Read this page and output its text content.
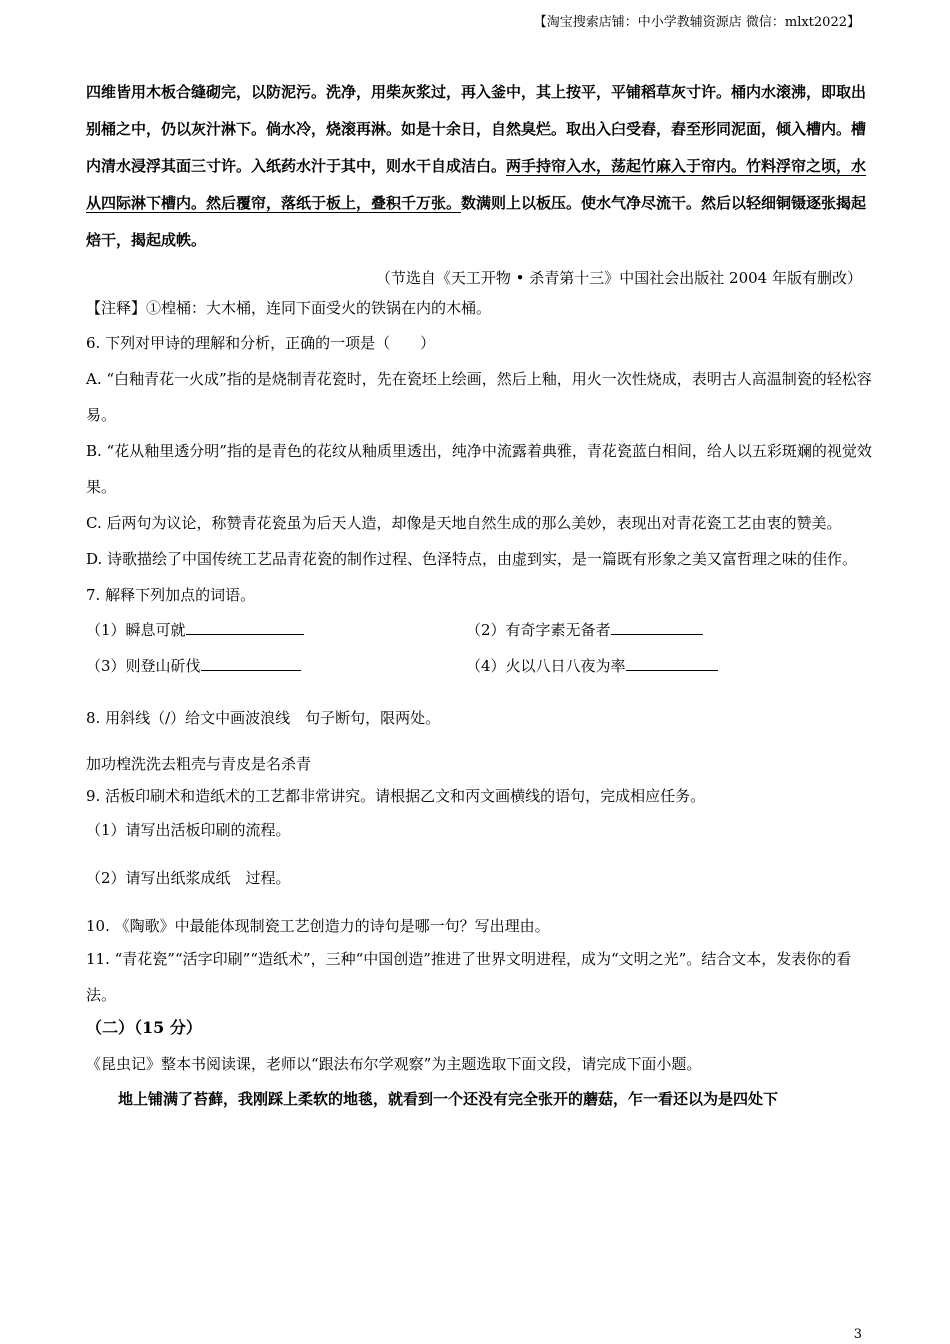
【淘宝搜索店铺：中小学教辅资源店 微信：mlxt2022】

四维皆用木板合缝砌完，以防泥污。洗净，用柴灰浆过，再入釜中，其上按平，平铺稻草灰寸许。桶内水滚沸，即取出别桶之中，仍以灰汁淋下。倘水冷，烧滚再淋。如是十余日，自然臭烂。取出入臼受舂，舂至形同泥面，倾入槽内。槽内清水浸浮其面三寸许。入纸药水汁于其中，则水干自成洁白。两手持帘入水，荡起竹麻入于帘内。竹料浮帘之顷，水从四际淋下槽内。然后覆帘，落纸于板上，叠积千万张。数满则上以板压。使水气净尽流干。然后以轻细铜镊逐张揭起焙干，揭起成帙。

（节选自《天工开物 • 杀青第十三》中国社会出版社 2004 年版有删改）

【注释】①楻桶：大木桶，连同下面受火的铁锅在内的木桶。

6. 下列对甲诗的理解和分析，正确的一项是（　　）

A. “白釉青花一火成”指的是烧制青花瓷时，先在瓷坯上绘画，然后上釉，用火一次性烧成，表明古人高温制瓷的轻松容易。

B. “花从釉里透分明”指的是青色的花纹从釉质里透出，纯净中流露着典雅，青花瓷蓝白相间，给人以五彩斑斓的视觉效果。

C. 后两句为议论，称赞青花瓷虽为后天人造，却像是天地自然生成的那么美妙，表现出对青花瓷工艺由衷的赞美。

D. 诗歌描绘了中国传统工艺品青花瓷的制作过程、色泽特点，由虚到实，是一篇既有形象之美又富哲理之味的佳作。

7. 解释下列加点的词语。

（1）瞬息可就	（2）有奇字素无备者
（3）则登山斫伐	（4）火以八日八夜为率

8. 用斜线（/）给文中画波浪线　句子断句，限两处。

加功楻洗洗去粗壳与青皮是名杀青

9. 活板印刷术和造纸术的工艺都非常讲究。请根据乙文和丙文画横线的语句，完成相应任务。

（1）请写出活板印刷的流程。

（2）请写出纸浆成纸　过程。

10. 《陶歌》中最能体现制瓷工艺创造力的诗句是哪一句？写出理由。

11. “青花瓷”“活字印刷”“造纸术”，三种“中国创造”推进了世界文明进程，成为“文明之光”。结合文本，发表你的看法。

（二）（15 分）

《昆虫记》整本书阅读课，老师以“跟法布尔学观察”为主题选取下面文段，请完成下面小题。

地上铺满了苔藓，我刚踩上柔软的地毯，就看到一个还没有完全张开的蘑菇，乍一看还以为是四处下

3
